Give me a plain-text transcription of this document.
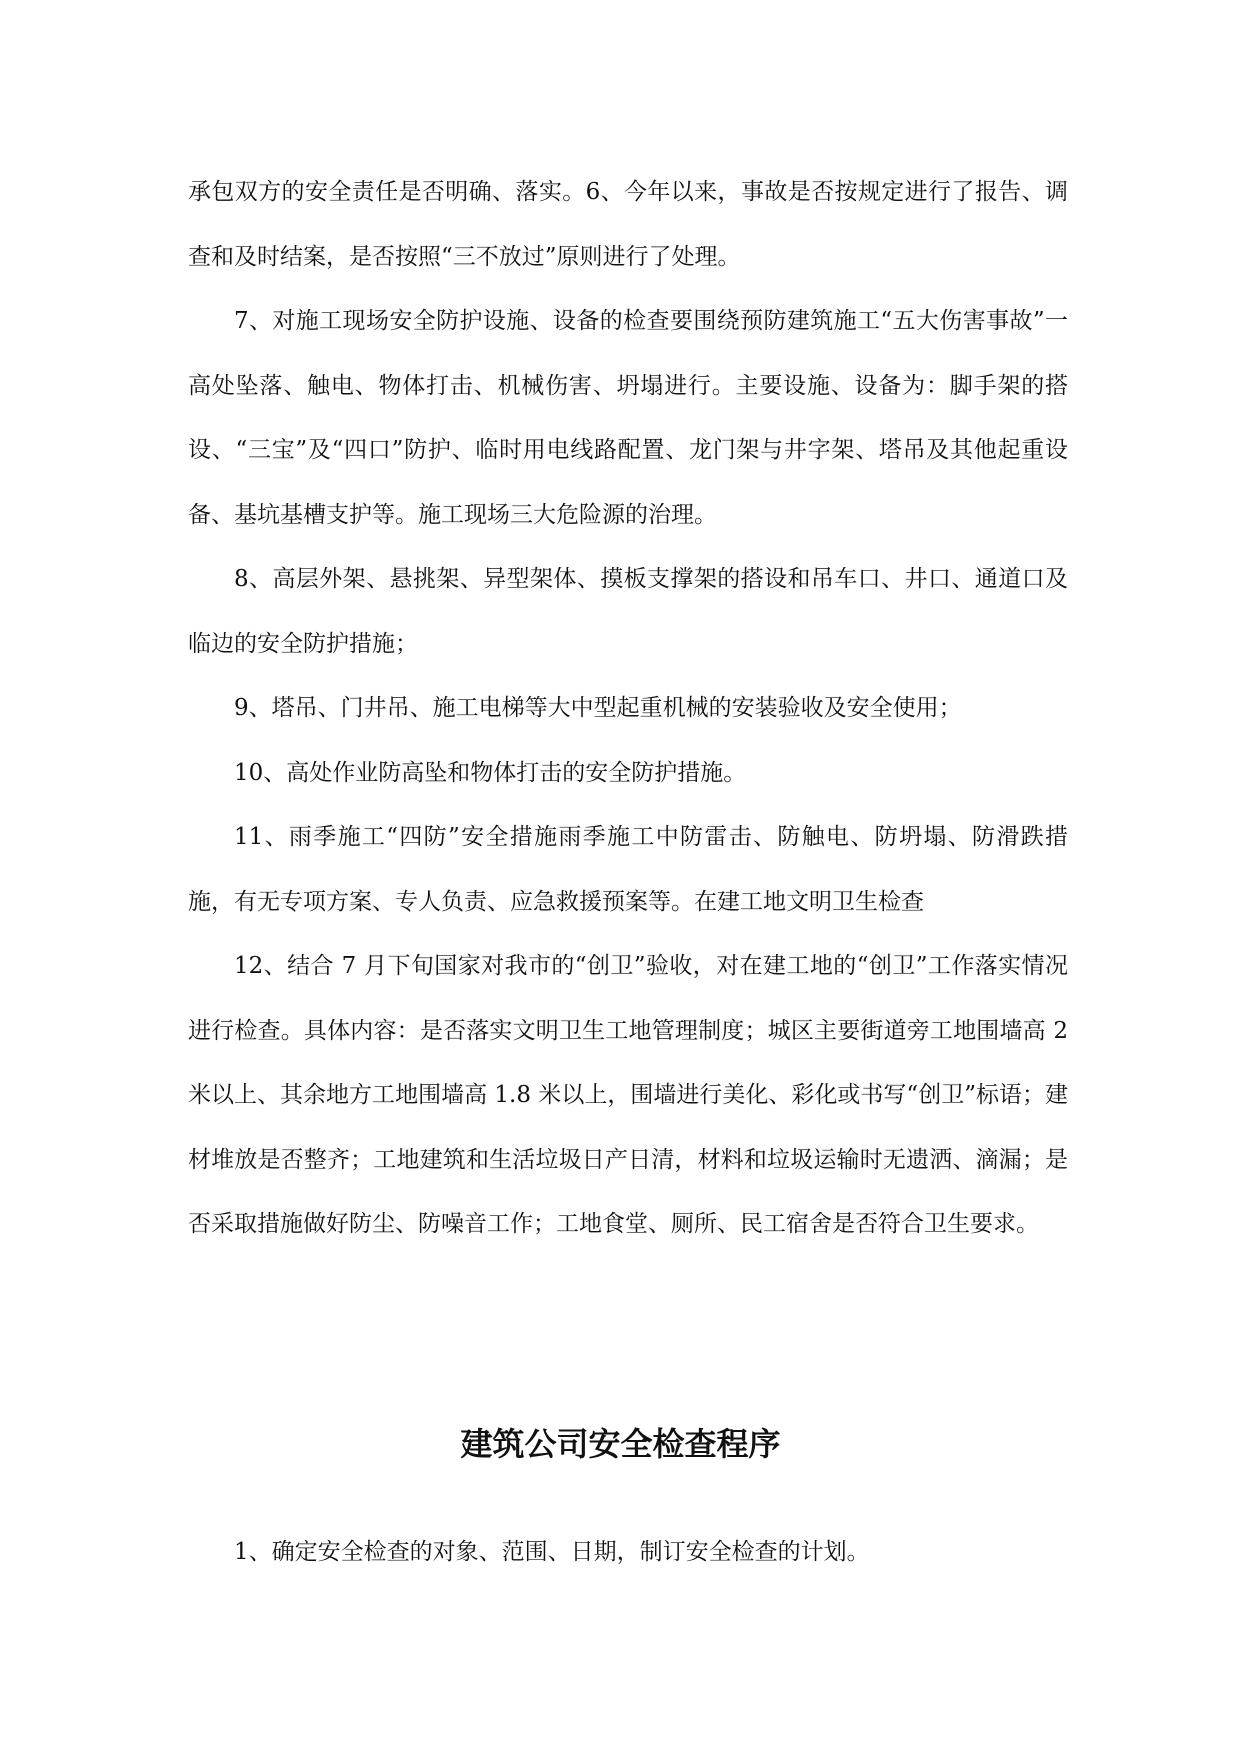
承包双方的安全责任是否明确、落实。6、今年以来，事故是否按规定进行了报告、调查和及时结案，是否按照“三不放过”原则进行了处理。

7、对施工现场安全防护设施、设备的检查要围绕预防建筑施工“五大伤害事故”一高处坠落、触电、物体打击、机械伤害、坍塌进行。主要设施、设备为：脚手架的搭设、“三宝”及“四口”防护、临时用电线路配置、龙门架与井字架、塔吊及其他起重设备、基坑基槽支护等。施工现场三大危险源的治理。

8、高层外架、悬挑架、异型架体、摸板支撑架的搭设和吊车口、井口、通道口及临边的安全防护措施；

9、塔吊、门井吊、施工电梯等大中型起重机械的安装验收及安全使用；

10、高处作业防高坠和物体打击的安全防护措施。

11、雨季施工“四防”安全措施雨季施工中防雷击、防触电、防坍塌、防滑跌措施，有无专项方案、专人负责、应急救援预案等。在建工地文明卫生检查

12、结合 7 月下旬国家对我市的“创卫”验收，对在建工地的“创卫”工作落实情况进行检查。具体内容：是否落实文明卫生工地管理制度；城区主要街道旁工地围墙高 2 米以上、其余地方工地围墙高 1.8 米以上，围墙进行美化、彩化或书写“创卫”标语；建材堆放是否整齐；工地建筑和生活垃圾日产日清，材料和垃圾运输时无遗洒、滴漏；是否采取措施做好防尘、防噪音工作；工地食堂、厕所、民工宿舍是否符合卫生要求。

建筑公司安全检查程序

1、确定安全检查的对象、范围、日期，制订安全检查的计划。
